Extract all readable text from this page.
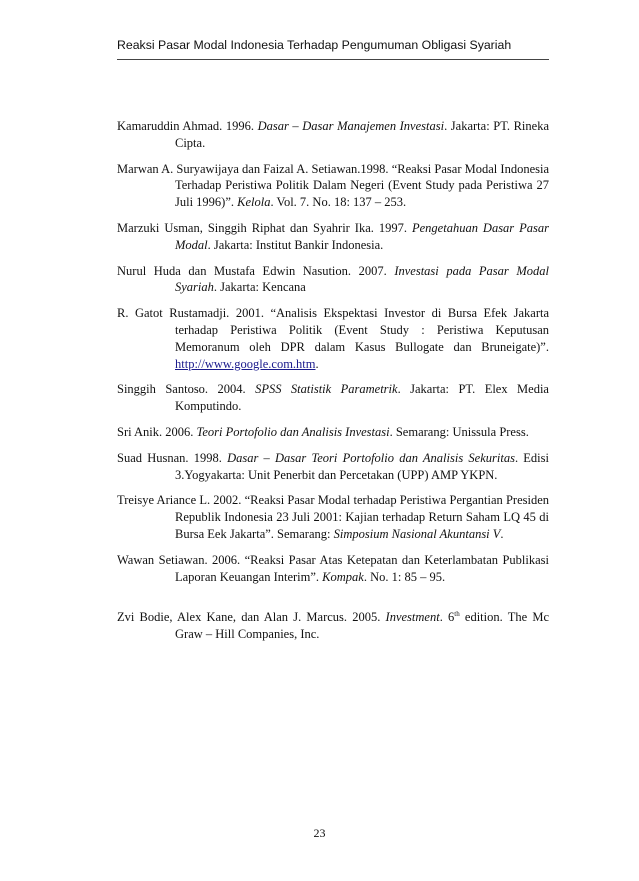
Reaksi Pasar Modal Indonesia Terhadap Pengumuman Obligasi Syariah

Kamaruddin Ahmad. 1996. Dasar – Dasar Manajemen Investasi. Jakarta: PT. Rineka Cipta.

Marwan A. Suryawijaya dan Faizal A. Setiawan.1998. “Reaksi Pasar Modal Indonesia Terhadap Peristiwa Politik Dalam Negeri (Event Study pada Peristiwa 27 Juli 1996)”. Kelola. Vol. 7. No. 18: 137 – 253.

Marzuki Usman, Singgih Riphat dan Syahrir Ika. 1997. Pengetahuan Dasar Pasar Modal. Jakarta: Institut Bankir Indonesia.

Nurul Huda dan Mustafa Edwin Nasution. 2007. Investasi pada Pasar Modal Syariah. Jakarta: Kencana

R. Gatot Rustamadji. 2001. “Analisis Ekspektasi Investor di Bursa Efek Jakarta terhadap Peristiwa Politik (Event Study : Peristiwa Keputusan Memoranum oleh DPR dalam Kasus Bullogate dan Bruneigate)”. http://www.google.com.htm.

Singgih Santoso. 2004. SPSS Statistik Parametrik. Jakarta: PT. Elex Media Komputindo.

Sri Anik. 2006. Teori Portofolio dan Analisis Investasi. Semarang: Unissula Press.

Suad Husnan. 1998. Dasar – Dasar Teori Portofolio dan Analisis Sekuritas. Edisi 3.Yogyakarta: Unit Penerbit dan Percetakan (UPP) AMP YKPN.

Treisye Ariance L. 2002. “Reaksi Pasar Modal terhadap Peristiwa Pergantian Presiden Republik Indonesia 23 Juli 2001: Kajian terhadap Return Saham LQ 45 di Bursa Eek Jakarta”. Semarang: Simposium Nasional Akuntansi V.

Wawan Setiawan. 2006. “Reaksi Pasar Atas Ketepatan dan Keterlambatan Publikasi Laporan Keuangan Interim”. Kompak. No. 1: 85 – 95.

Zvi Bodie, Alex Kane, dan Alan J. Marcus. 2005. Investment. 6th edition. The Mc Graw – Hill Companies, Inc.

23
